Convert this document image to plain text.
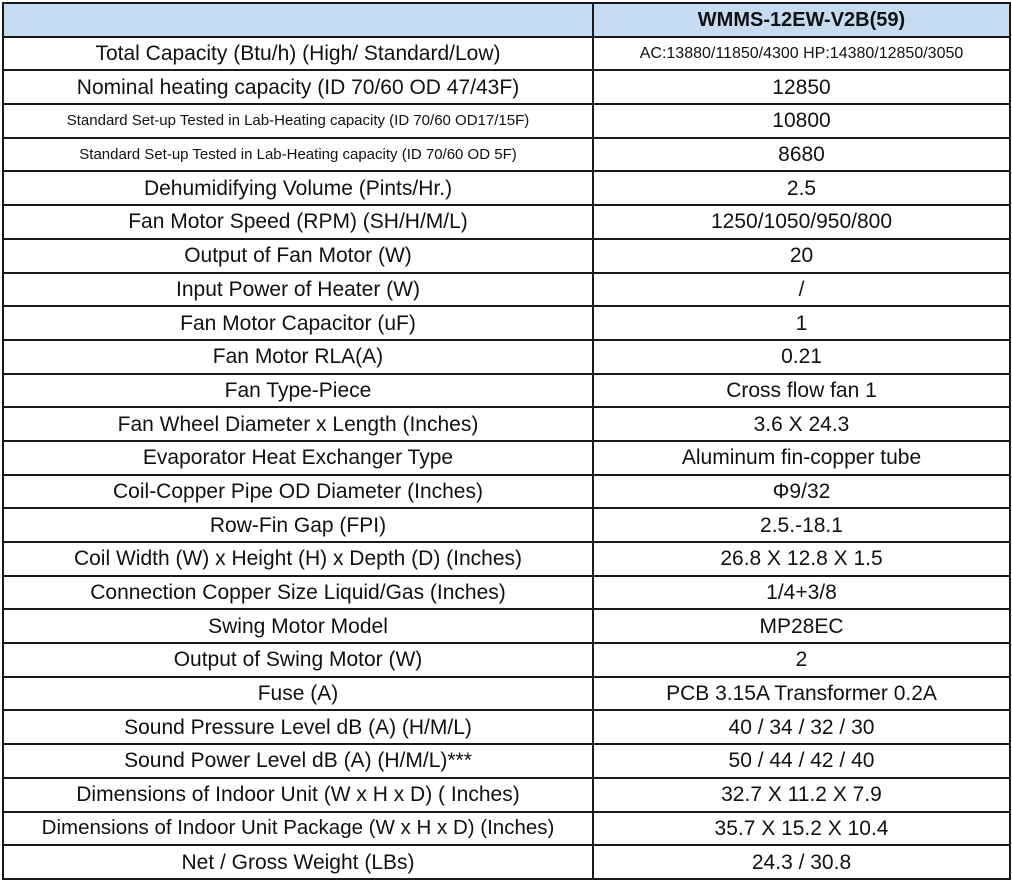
	WMMS-12EW-V2B(59)
Total Capacity (Btu/h) (High/ Standard/Low)	AC:13880/11850/4300 HP:14380/12850/3050
Nominal heating capacity (ID 70/60 OD 47/43F)	12850
Standard Set-up Tested in Lab-Heating capacity (ID 70/60 OD17/15F)	10800
Standard Set-up Tested in Lab-Heating capacity (ID 70/60 OD 5F)	8680
Dehumidifying Volume (Pints/Hr.)	2.5
Fan Motor Speed (RPM) (SH/H/M/L)	1250/1050/950/800
Output of Fan Motor (W)	20
Input Power of Heater (W)	/
Fan Motor Capacitor (uF)	1
Fan Motor RLA(A)	0.21
Fan Type-Piece	Cross flow fan 1
Fan Wheel Diameter x Length (Inches)	3.6 X 24.3
Evaporator Heat Exchanger Type	Aluminum fin-copper tube
Coil-Copper Pipe OD Diameter (Inches)	Φ9/32
Row-Fin Gap (FPI)	2.5.-18.1
Coil Width (W) x Height (H) x Depth (D) (Inches)	26.8 X 12.8 X 1.5
Connection Copper Size Liquid/Gas (Inches)	1/4+3/8
Swing Motor Model	MP28EC
Output of Swing Motor (W)	2
Fuse (A)	PCB 3.15A Transformer 0.2A
Sound Pressure Level dB (A) (H/M/L)	40 / 34 / 32 / 30
Sound Power Level dB (A) (H/M/L)***	50 / 44 / 42 / 40
Dimensions of Indoor Unit (W x H x D) ( Inches)	32.7 X 11.2 X 7.9
Dimensions of Indoor Unit Package (W x H x D) (Inches)	35.7 X 15.2 X 10.4
Net / Gross Weight (LBs)	24.3 / 30.8
